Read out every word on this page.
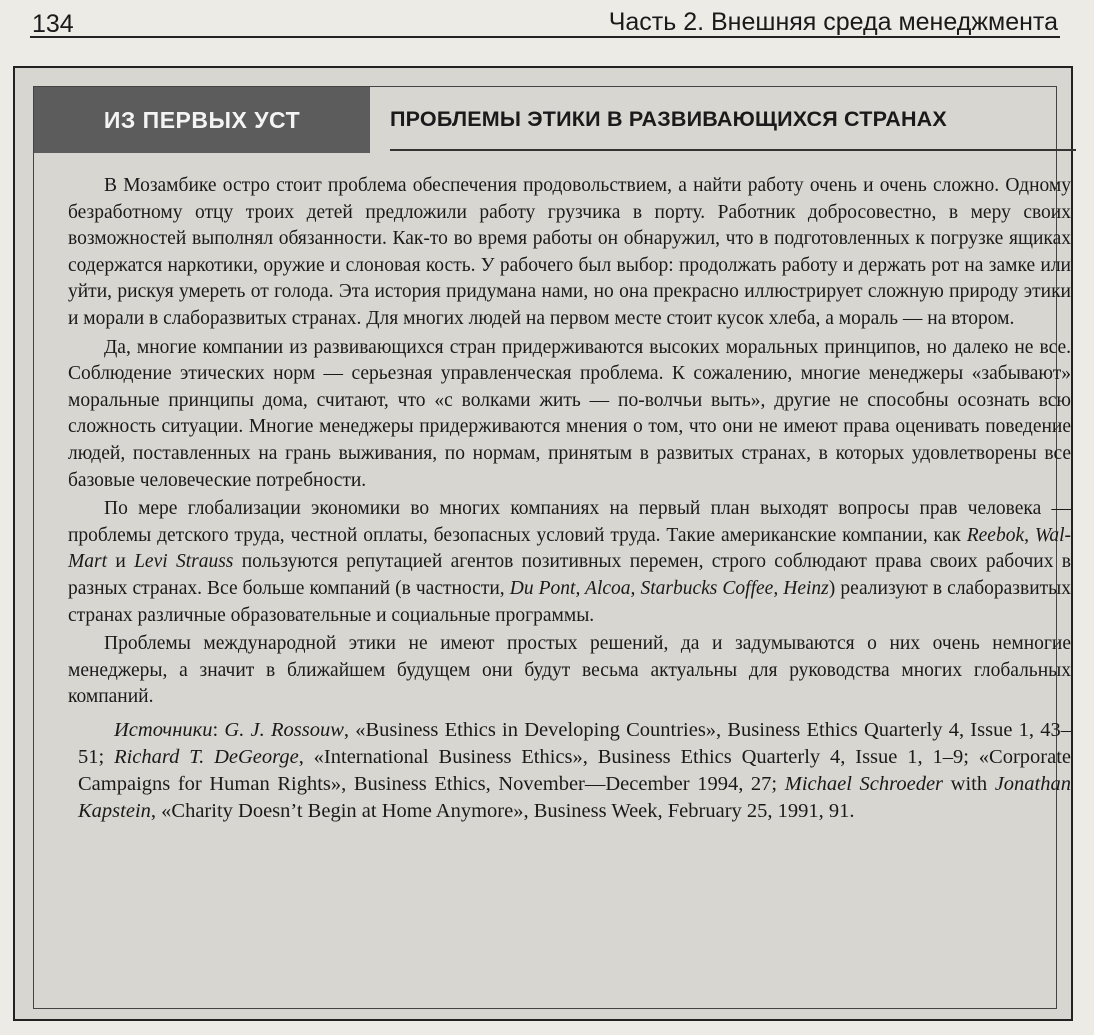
134	Часть 2. Внешняя среда менеджмента
ИЗ ПЕРВЫХ УСТ	ПРОБЛЕМЫ ЭТИКИ В РАЗВИВАЮЩИХСЯ СТРАНАХ

В Мозамбике остро стоит проблема обеспечения продовольствием, а найти работу очень и очень сложно. Одному безработному отцу троих детей предложили работу грузчика в порту. Работник добросовестно, в меру своих возможностей выполнял обязанности. Как-то во время работы он обнаружил, что в подготовленных к погрузке ящиках содержатся наркотики, оружие и слоновая кость. У рабочего был выбор: продолжать работу и держать рот на замке или уйти, рискуя умереть от голода. Эта история придумана нами, но она прекрасно иллюстрирует сложную природу этики и морали в слаборазвитых странах. Для многих людей на первом месте стоит кусок хлеба, а мораль — на втором.

Да, многие компании из развивающихся стран придерживаются высоких моральных принципов, но далеко не все. Соблюдение этических норм — серьезная управленческая проблема. К сожалению, многие менеджеры «забывают» моральные принципы дома, считают, что «с волками жить — по-волчьи выть», другие не способны осознать всю сложность ситуации. Многие менеджеры придерживаются мнения о том, что они не имеют права оценивать поведение людей, поставленных на грань выживания, по нормам, принятым в развитых странах, в которых удовлетворены все базовые человеческие потребности.

По мере глобализации экономики во многих компаниях на первый план выходят вопросы прав человека — проблемы детского труда, честной оплаты, безопасных условий труда. Такие американские компании, как Reebok, Wal-Mart и Levi Strauss пользуются репутацией агентов позитивных перемен, строго соблюдают права своих рабочих в разных странах. Все больше компаний (в частности, Du Pont, Alcoa, Starbucks Coffee, Heinz) реализуют в слаборазвитых странах различные образовательные и социальные программы.

Проблемы международной этики не имеют простых решений, да и задумываются о них очень немногие менеджеры, а значит в ближайшем будущем они будут весьма актуальны для руководства многих глобальных компаний.

Источники: G. J. Rossouw, «Business Ethics in Developing Countries», Business Ethics Quarterly 4, Issue 1, 43–51; Richard T. DeGeorge, «International Business Ethics», Business Ethics Quarterly 4, Issue 1, 1–9; «Corporate Campaigns for Human Rights», Business Ethics, November—December 1994, 27; Michael Schroeder with Jonathan Kapstein, «Charity Doesn’t Begin at Home Anymore», Business Week, February 25, 1991, 91.
